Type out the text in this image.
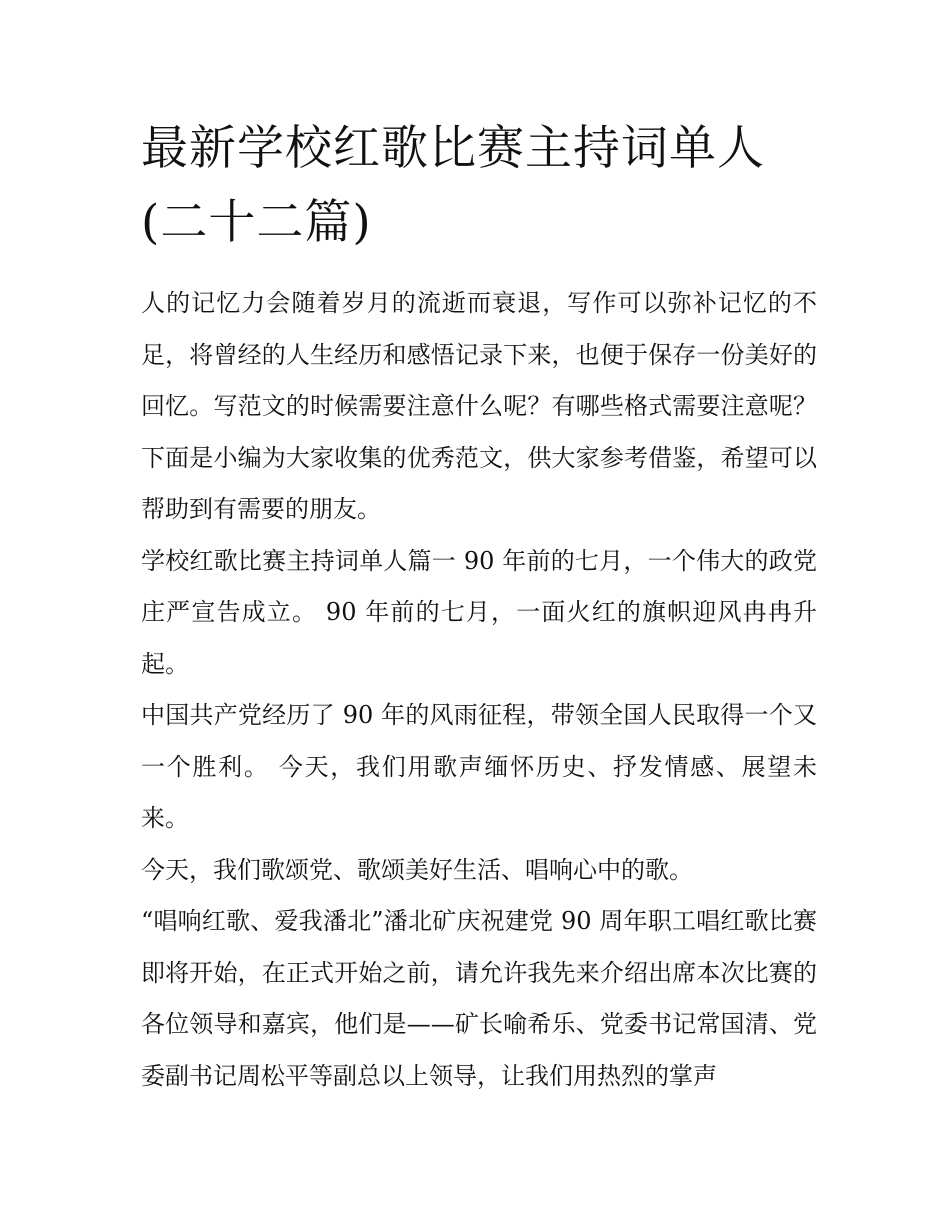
最新学校红歌比赛主持词单人(二十二篇)

人的记忆力会随着岁月的流逝而衰退，写作可以弥补记忆的不足，将曾经的人生经历和感悟记录下来，也便于保存一份美好的回忆。写范文的时候需要注意什么呢？有哪些格式需要注意呢？下面是小编为大家收集的优秀范文，供大家参考借鉴，希望可以帮助到有需要的朋友。

学校红歌比赛主持词单人篇一 90 年前的七月，一个伟大的政党庄严宣告成立。 90 年前的七月，一面火红的旗帜迎风冉冉升起。

中国共产党经历了 90 年的风雨征程，带领全国人民取得一个又一个胜利。 今天，我们用歌声缅怀历史、抒发情感、展望未来。

今天，我们歌颂党、歌颂美好生活、唱响心中的歌。

“唱响红歌、爱我潘北”潘北矿庆祝建党 90 周年职工唱红歌比赛即将开始，在正式开始之前，请允许我先来介绍出席本次比赛的各位领导和嘉宾，他们是——矿长喻希乐、党委书记常国清、党委副书记周松平等副总以上领导，让我们用热烈的掌声
